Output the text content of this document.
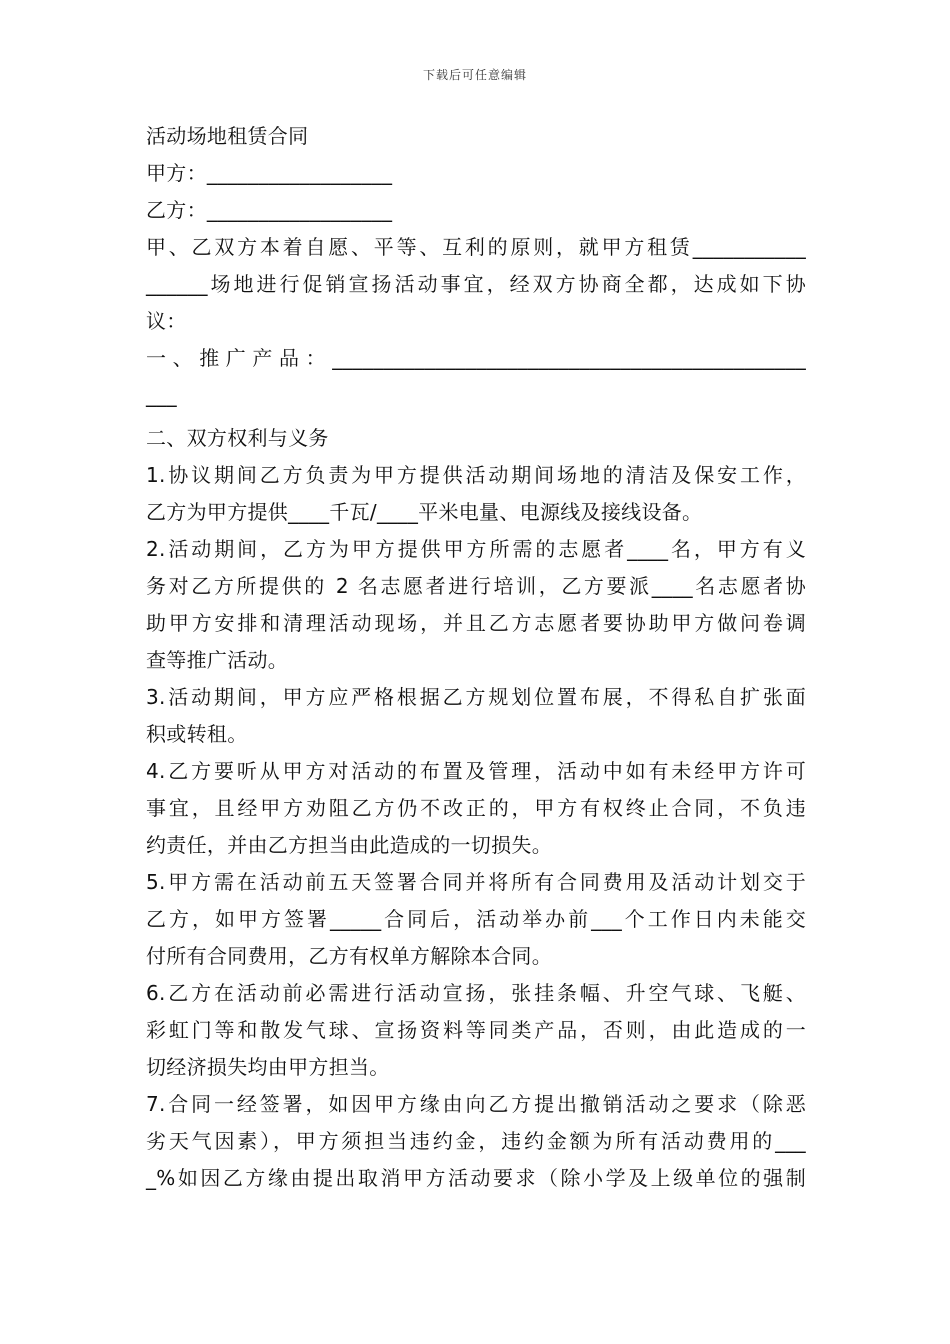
下载后可任意编辑
活动场地租赁合同
甲方：__________________
乙方：__________________
甲、乙双方本着自愿、平等、互利的原则，就甲方租赁___________
______场地进行促销宣扬活动事宜，经双方协商全都，达成如下协
议：
一、推广产品：______________________________________________
___
二、双方权利与义务
1.协议期间乙方负责为甲方提供活动期间场地的清洁及保安工作，
乙方为甲方提供____千瓦/____平米电量、电源线及接线设备。
2.活动期间，乙方为甲方提供甲方所需的志愿者____名，甲方有义
务对乙方所提供的 2 名志愿者进行培训，乙方要派____名志愿者协
助甲方安排和清理活动现场，并且乙方志愿者要协助甲方做问卷调
查等推广活动。
3.活动期间，甲方应严格根据乙方规划位置布展，不得私自扩张面
积或转租。
4.乙方要听从甲方对活动的布置及管理，活动中如有未经甲方许可
事宜，且经甲方劝阻乙方仍不改正的，甲方有权终止合同，不负违
约责任，并由乙方担当由此造成的一切损失。
5.甲方需在活动前五天签署合同并将所有合同费用及活动计划交于
乙方，如甲方签署_____合同后，活动举办前___个工作日内未能交
付所有合同费用，乙方有权单方解除本合同。
6.乙方在活动前必需进行活动宣扬，张挂条幅、升空气球、飞艇、
彩虹门等和散发气球、宣扬资料等同类产品，否则，由此造成的一
切经济损失均由甲方担当。
7.合同一经签署，如因甲方缘由向乙方提出撤销活动之要求（除恶
劣天气因素），甲方须担当违约金，违约金额为所有活动费用的___
_%如因乙方缘由提出取消甲方活动要求（除小学及上级单位的强制
